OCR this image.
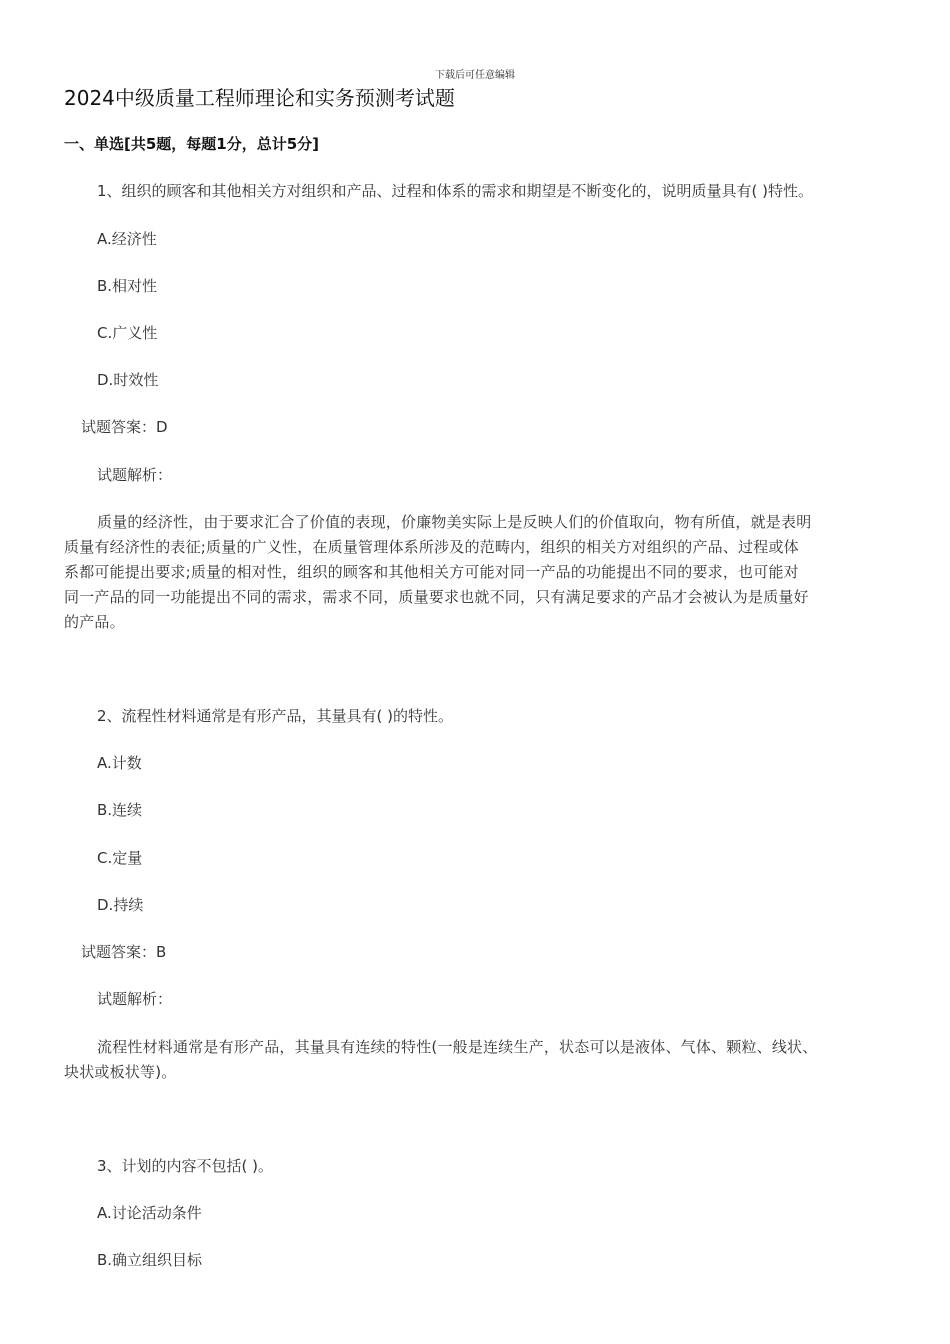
下载后可任意编辑
2024中级质量工程师理论和实务预测考试题
一、单选[共5题，每题1分，总计5分]
1、组织的顾客和其他相关方对组织和产品、过程和体系的需求和期望是不断变化的，说明质量具有( )特性。
A.经济性
B.相对性
C.广义性
D.时效性
试题答案：D
试题解析：
质量的经济性，由于要求汇合了价值的表现，价廉物美实际上是反映人们的价值取向，物有所值，就是表明
质量有经济性的表征;质量的广义性，在质量管理体系所涉及的范畴内，组织的相关方对组织的产品、过程或体
系都可能提出要求;质量的相对性，组织的顾客和其他相关方可能对同一产品的功能提出不同的要求，也可能对
同一产品的同一功能提出不同的需求，需求不同，质量要求也就不同，只有满足要求的产品才会被认为是质量好
的产品。
2、流程性材料通常是有形产品，其量具有( )的特性。
A.计数
B.连续
C.定量
D.持续
试题答案：B
试题解析：
流程性材料通常是有形产品，其量具有连续的特性(一般是连续生产，状态可以是液体、气体、颗粒、线状、
块状或板状等)。
3、计划的内容不包括( )。
A.讨论活动条件
B.确立组织目标
